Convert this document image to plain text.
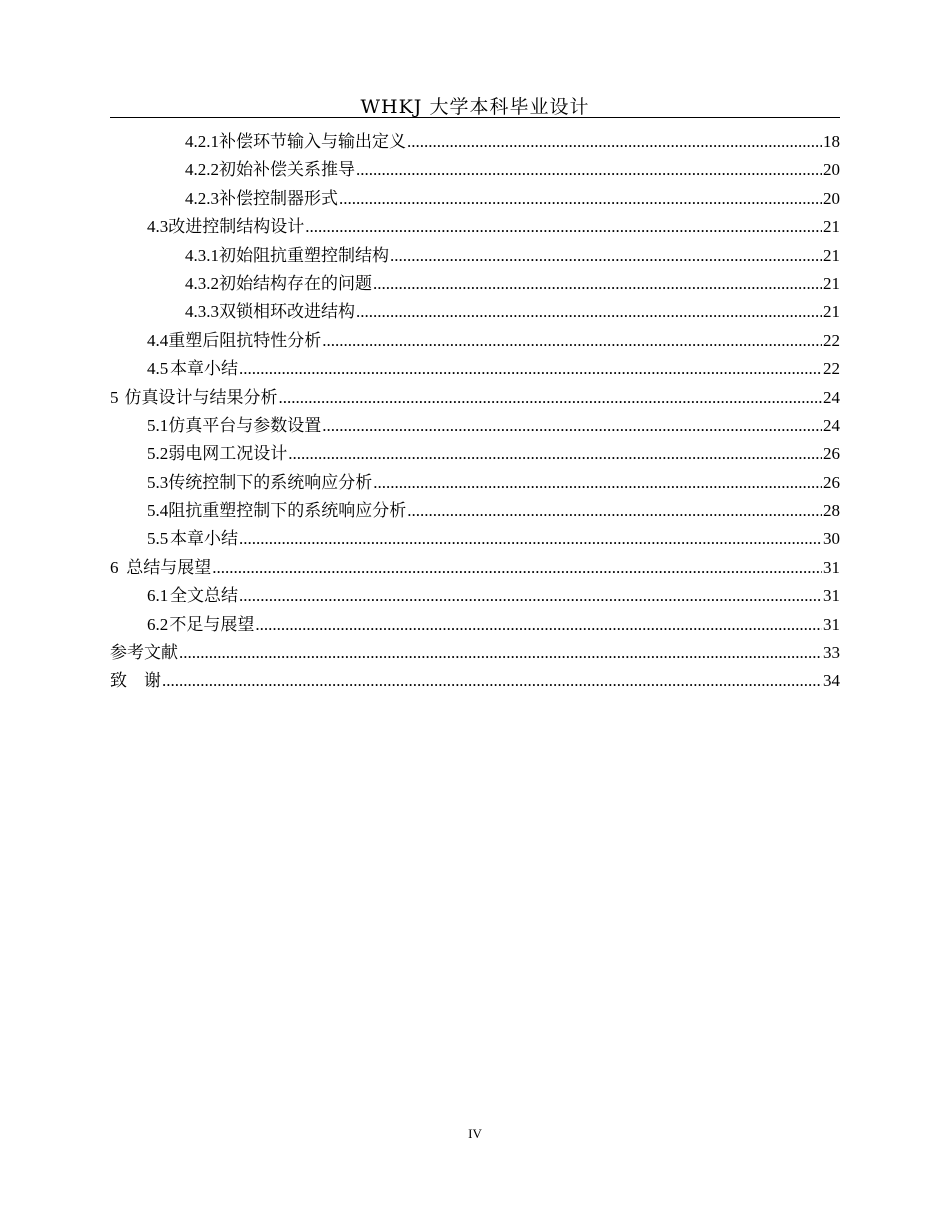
WHKJ 大学本科毕业设计
4.2.1 补偿环节输入与输出定义 .....	18
4.2.2 初始补偿关系推导 .....	20
4.2.3 补偿控制器形式 .....	20
4.3 改进控制结构设计 .....	21
4.3.1 初始阻抗重塑控制结构 .....	21
4.3.2 初始结构存在的问题 .....	21
4.3.3 双锁相环改进结构 .....	21
4.4 重塑后阻抗特性分析 .....	22
4.5 本章小结 .....	22
5 仿真设计与结果分析 .....	24
5.1 仿真平台与参数设置 .....	24
5.2 弱电网工况设计 .....	26
5.3 传统控制下的系统响应分析 .....	26
5.4 阻抗重塑控制下的系统响应分析 .....	28
5.5 本章小结 .....	30
6 总结与展望 .....	31
6.1 全文总结 .....	31
6.2 不足与展望 .....	31
参考文献 .....	33
致　谢 .....	34
IV
